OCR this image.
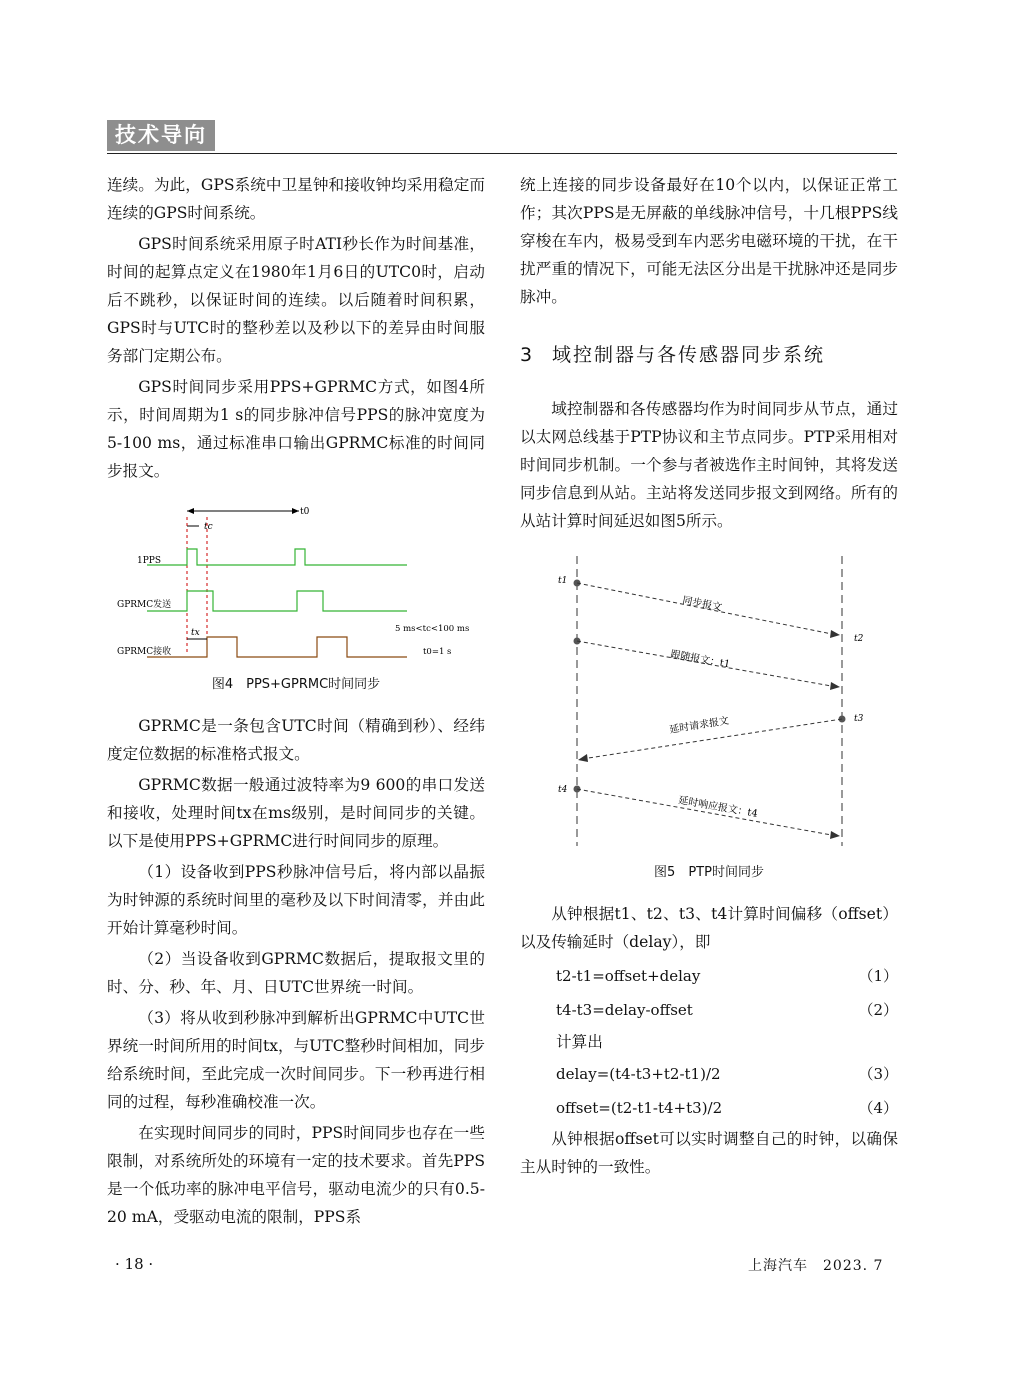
技术导向

连续。为此，GPS系统中卫星钟和接收钟均采用稳定而连续的GPS时间系统。

GPS时间系统采用原子时ATI秒长作为时间基准，时间的起算点定义在1980年1月6日的UTC0时，启动后不跳秒，以保证时间的连续。以后随着时间积累，GPS时与UTC时的整秒差以及秒以下的差异由时间服务部门定期公布。

GPS时间同步采用PPS+GPRMC方式，如图4所示，时间周期为1 s的同步脉冲信号PPS的脉冲宽度为5-100 ms，通过标准串口输出GPRMC标准的时间同步报文。

t0
tc
1PPS
GPRMC发送
GPRMC接收
tx	5 ms<tc<100 ms
t0=1 s
图4　PPS+GPRMC时间同步

GPRMC是一条包含UTC时间（精确到秒）、经纬度定位数据的标准格式报文。

GPRMC数据一般通过波特率为9 600的串口发送和接收，处理时间tx在ms级别，是时间同步的关键。以下是使用PPS+GPRMC进行时间同步的原理。

（1）设备收到PPS秒脉冲信号后，将内部以晶振为时钟源的系统时间里的毫秒及以下时间清零，并由此开始计算毫秒时间。

（2）当设备收到GPRMC数据后，提取报文里的时、分、秒、年、月、日UTC世界统一时间。

（3）将从收到秒脉冲到解析出GPRMC中UTC世界统一时间所用的时间tx，与UTC整秒时间相加，同步给系统时间，至此完成一次时间同步。下一秒再进行相同的过程，每秒准确校准一次。

在实现时间同步的同时，PPS时间同步也存在一些限制，对系统所处的环境有一定的技术要求。首先PPS是一个低功率的脉冲电平信号，驱动电流少的只有0.5-20 mA，受驱动电流的限制，PPS系

统上连接的同步设备最好在10个以内，以保证正常工作；其次PPS是无屏蔽的单线脉冲信号，十几根PPS线穿梭在车内，极易受到车内恶劣电磁环境的干扰，在干扰严重的情况下，可能无法区分出是干扰脉冲还是同步脉冲。

3 域控制器与各传感器同步系统

域控制器和各传感器均作为时间同步从节点，通过以太网总线基于PTP协议和主节点同步。PTP采用相对时间同步机制。一个参与者被选作主时间钟，其将发送同步信息到从站。主站将发送同步报文到网络。所有的从站计算时间延迟如图5所示。

t1
同步报文
t2
跟随报文：t1
t3
延时请求报文
t4
延时响应报文：t4
图5　PTP时间同步

从钟根据t1、t2、t3、t4计算时间偏移（offset）以及传输延时（delay），即

t2-t1=offset+delay	（1）
t4-t3=delay-offset	（2）
计算出
delay=(t4-t3+t2-t1)/2	（3）
offset=(t2-t1-t4+t3)/2	（4）

从钟根据offset可以实时调整自己的时钟，以确保主从时钟的一致性。

· 18 ·	上海汽车　2023. 7
